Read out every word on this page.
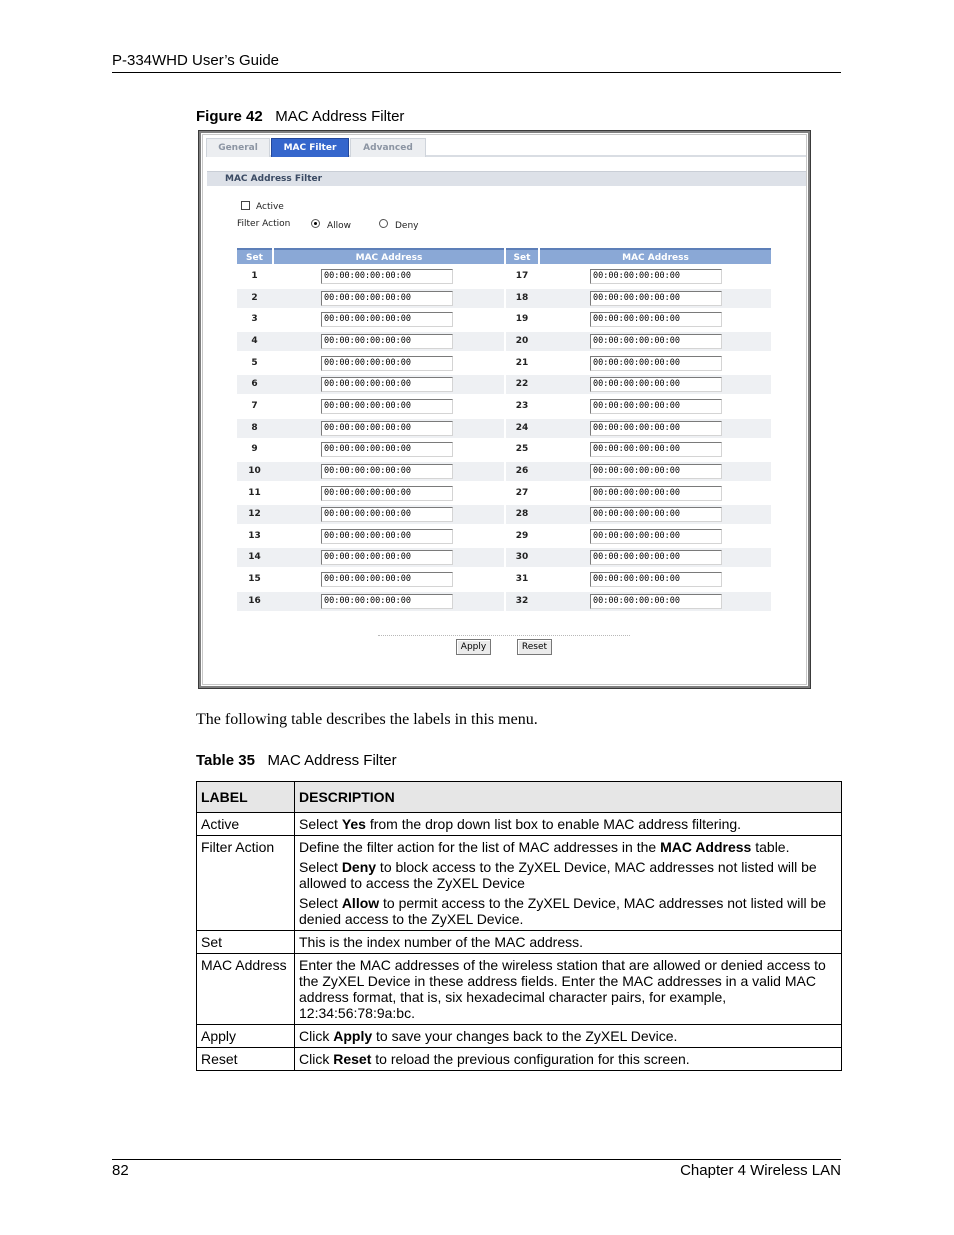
P-334WHD User’s Guide
Figure 42 MAC Address Filter
General	MAC Filter	Advanced
MAC Address Filter
Active
Filter Action	Allow	Deny
Set	MAC Address	Set	MAC Address
1	00:00:00:00:00:00	17	00:00:00:00:00:00
2	00:00:00:00:00:00	18	00:00:00:00:00:00
3	00:00:00:00:00:00	19	00:00:00:00:00:00
4	00:00:00:00:00:00	20	00:00:00:00:00:00
5	00:00:00:00:00:00	21	00:00:00:00:00:00
6	00:00:00:00:00:00	22	00:00:00:00:00:00
7	00:00:00:00:00:00	23	00:00:00:00:00:00
8	00:00:00:00:00:00	24	00:00:00:00:00:00
9	00:00:00:00:00:00	25	00:00:00:00:00:00
10	00:00:00:00:00:00	26	00:00:00:00:00:00
11	00:00:00:00:00:00	27	00:00:00:00:00:00
12	00:00:00:00:00:00	28	00:00:00:00:00:00
13	00:00:00:00:00:00	29	00:00:00:00:00:00
14	00:00:00:00:00:00	30	00:00:00:00:00:00
15	00:00:00:00:00:00	31	00:00:00:00:00:00
16	00:00:00:00:00:00	32	00:00:00:00:00:00
Apply	Reset
The following table describes the labels in this menu.
Table 35 MAC Address Filter
LABEL	DESCRIPTION
Active	Select Yes from the drop down list box to enable MAC address filtering.
Filter Action	Define the filter action for the list of MAC addresses in the MAC Address table.

Select Deny to block access to the ZyXEL Device, MAC addresses not listed will be allowed to access the ZyXEL Device

Select Allow to permit access to the ZyXEL Device, MAC addresses not listed will be denied access to the ZyXEL Device.

Set	This is the index number of the MAC address.
MAC Address	Enter the MAC addresses of the wireless station that are allowed or denied access to the ZyXEL Device in these address fields. Enter the MAC addresses in a valid MAC address format, that is, six hexadecimal character pairs, for example, 12:34:56:78:9a:bc.
Apply	Click Apply to save your changes back to the ZyXEL Device.
Reset	Click Reset to reload the previous configuration for this screen.
82	Chapter 4 Wireless LAN
